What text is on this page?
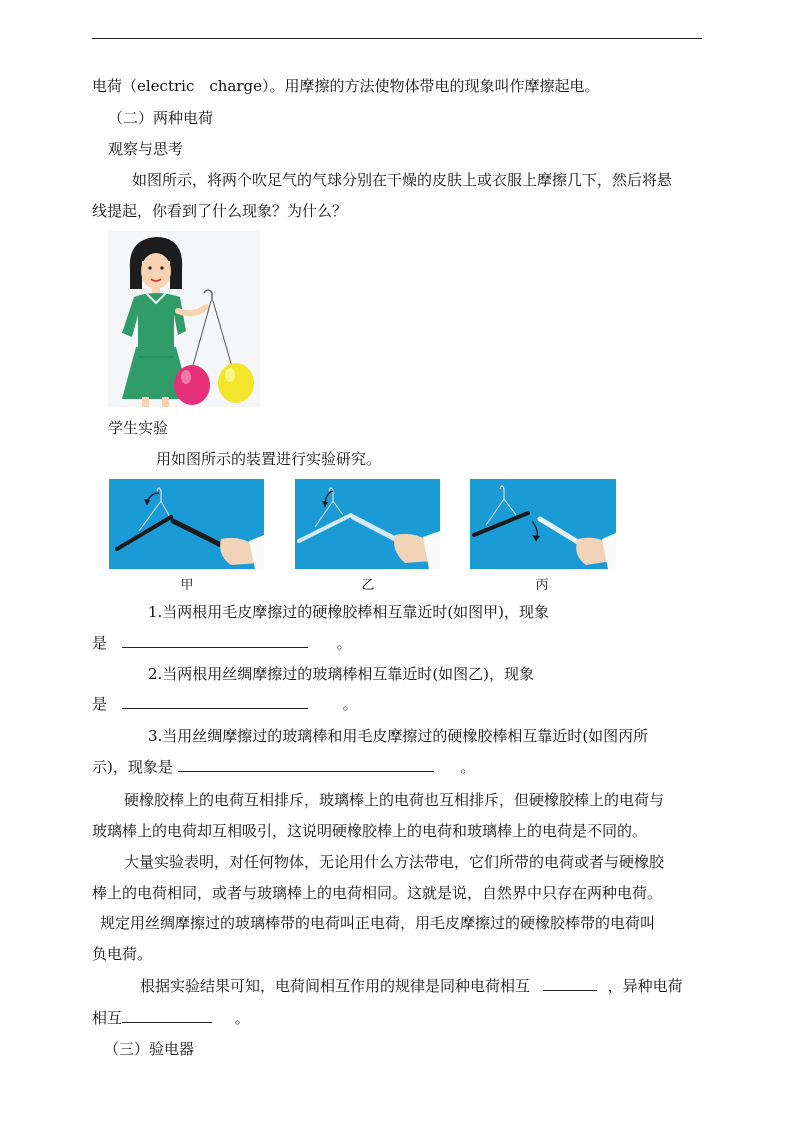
电荷（electric　charge）。用摩擦的方法使物体带电的现象叫作摩擦起电。
（二）两种电荷
观察与思考
如图所示，将两个吹足气的气球分别在干燥的皮肤上或衣服上摩擦几下，然后将悬
线提起，你看到了什么现象？为什么？
学生实验
用如图所示的装置进行实验研究。
甲	乙	丙
1.当两根用毛皮摩擦过的硬橡胶棒相互靠近时(如图甲)，现象
是	。
2.当两根用丝绸摩擦过的玻璃棒相互靠近时(如图乙)，现象
是	。
3.当用丝绸摩擦过的玻璃棒和用毛皮摩擦过的硬橡胶棒相互靠近时(如图丙所
示)，现象是	。
硬橡胶棒上的电荷互相排斥，玻璃棒上的电荷也互相排斥，但硬橡胶棒上的电荷与
玻璃棒上的电荷却互相吸引，这说明硬橡胶棒上的电荷和玻璃棒上的电荷是不同的。
大量实验表明，对任何物体，无论用什么方法带电，它们所带的电荷或者与硬橡胶
棒上的电荷相同，或者与玻璃棒上的电荷相同。这就是说，自然界中只存在两种电荷。
规定用丝绸摩擦过的玻璃棒带的电荷叫正电荷，用毛皮摩擦过的硬橡胶棒带的电荷叫
负电荷。
根据实验结果可知，电荷间相互作用的规律是同种电荷相互	，异种电荷
相互	。
（三）验电器
